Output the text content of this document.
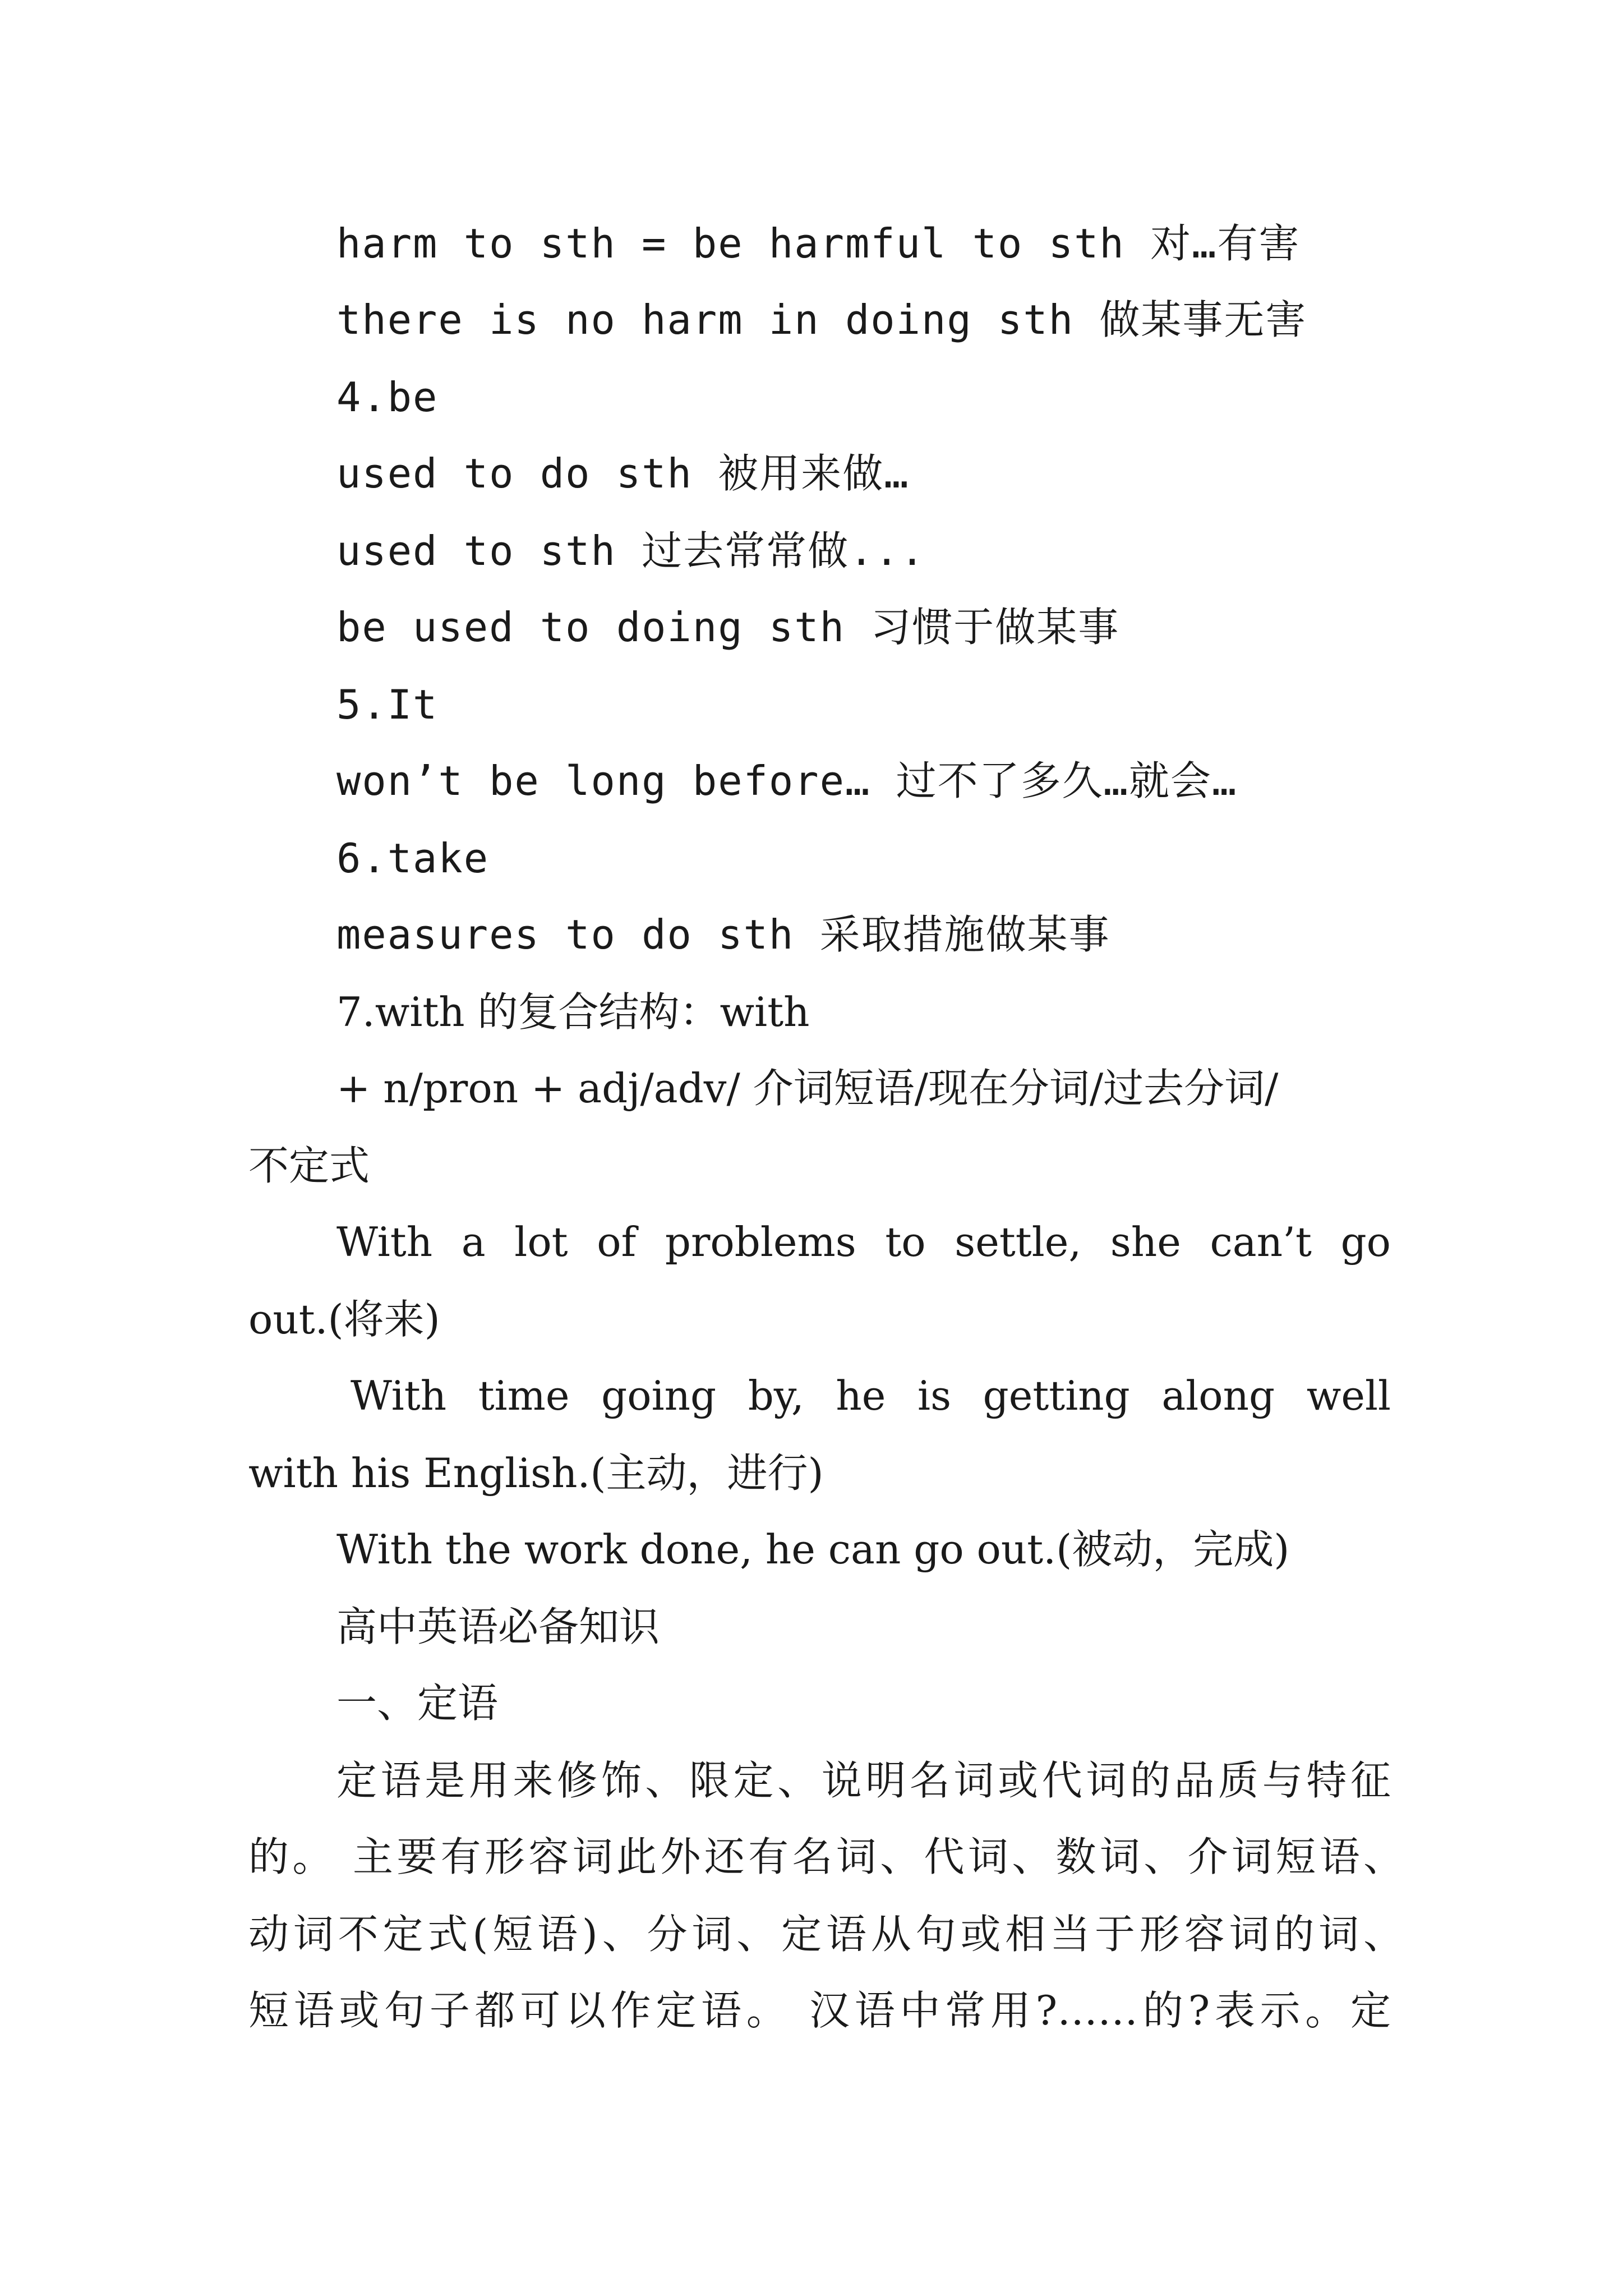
harm to sth = be harmful to sth 对…有害
there is no harm in doing sth 做某事无害
4.be
used to do sth 被用来做…
used to sth 过去常常做...
be used to doing sth 习惯于做某事
5.It
won’t be long before… 过不了多久…就会…
6.take
measures to do sth 采取措施做某事
7.with 的复合结构：with
+ n/pron + adj/adv/ 介词短语/现在分词/过去分词/
不定式
With a lot of problems to settle, she can’t go
out.(将来)
With time going by, he is getting along well
with his English.(主动，进行)
With the work done, he can go out.(被动，完成)
高中英语必备知识
一、定语
定语是用来修饰、限定、说明名词或代词的品质与特征
的。 主要有形容词此外还有名词、代词、数词、介词短语、
动词不定式(短语)、分词、定语从句或相当于形容词的词、
短语或句子都可以作定语。 汉语中常用?……的?表示。定
